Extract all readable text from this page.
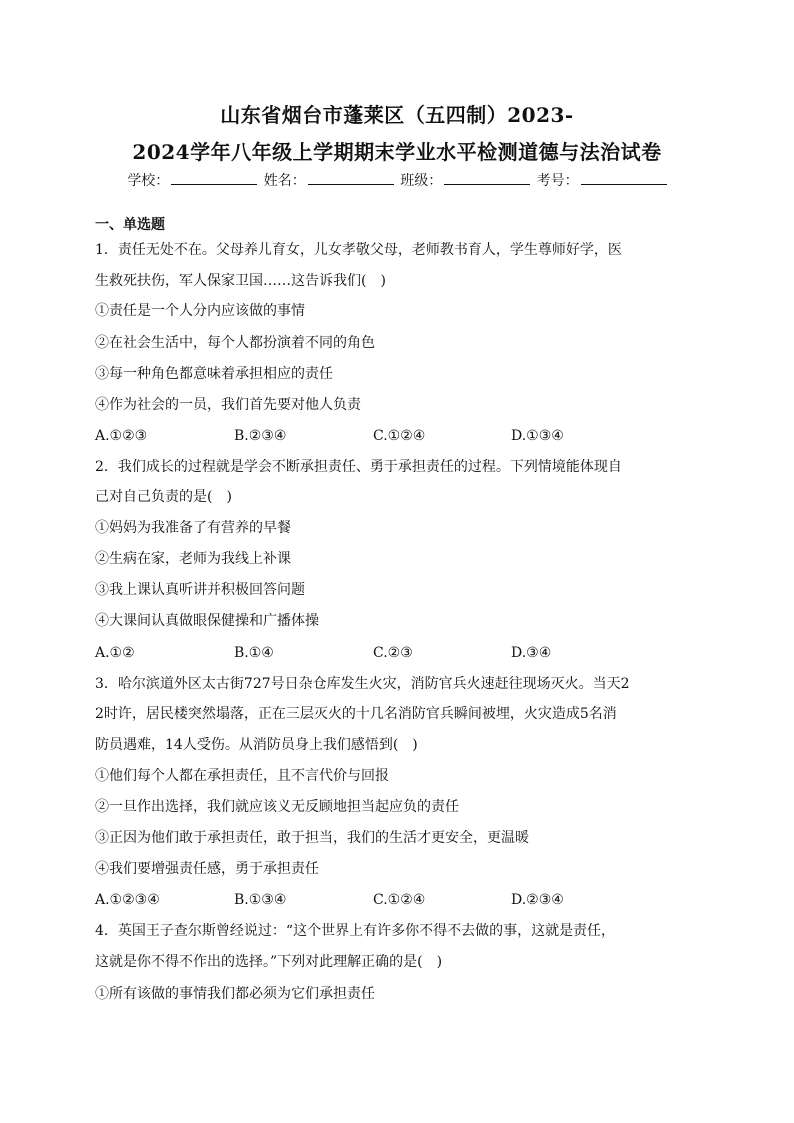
山东省烟台市蓬莱区（五四制）2023-
2024学年八年级上学期期末学业水平检测道德与法治试卷
学校：	姓名：	班级：	考号：
一、单选题
1．责任无处不在。父母养儿育女，儿女孝敬父母，老师教书育人，学生尊师好学，医
生救死扶伤，军人保家卫国……这告诉我们(　)
①责任是一个人分内应该做的事情
②在社会生活中，每个人都扮演着不同的角色
③每一种角色都意味着承担相应的责任
④作为社会的一员，我们首先要对他人负责
A.①②③	B.②③④	C.①②④	D.①③④
2．我们成长的过程就是学会不断承担责任、勇于承担责任的过程。下列情境能体现自
己对自己负责的是(　)
①妈妈为我准备了有营养的早餐
②生病在家，老师为我线上补课
③我上课认真听讲并积极回答问题
④大课间认真做眼保健操和广播体操
A.①②	B.①④	C.②③	D.③④
3．哈尔滨道外区太古街727号日杂仓库发生火灾，消防官兵火速赶往现场灭火。当天2
2时许，居民楼突然塌落，正在三层灭火的十几名消防官兵瞬间被埋，火灾造成5名消
防员遇难，14人受伤。从消防员身上我们感悟到(　)
①他们每个人都在承担责任，且不言代价与回报
②一旦作出选择，我们就应该义无反顾地担当起应负的责任
③正因为他们敢于承担责任，敢于担当，我们的生活才更安全，更温暖
④我们要增强责任感，勇于承担责任
A.①②③④	B.①③④	C.①②④	D.②③④
4．英国王子查尔斯曾经说过：“这个世界上有许多你不得不去做的事，这就是责任，
这就是你不得不作出的选择。”下列对此理解正确的是(　)
①所有该做的事情我们都必须为它们承担责任
